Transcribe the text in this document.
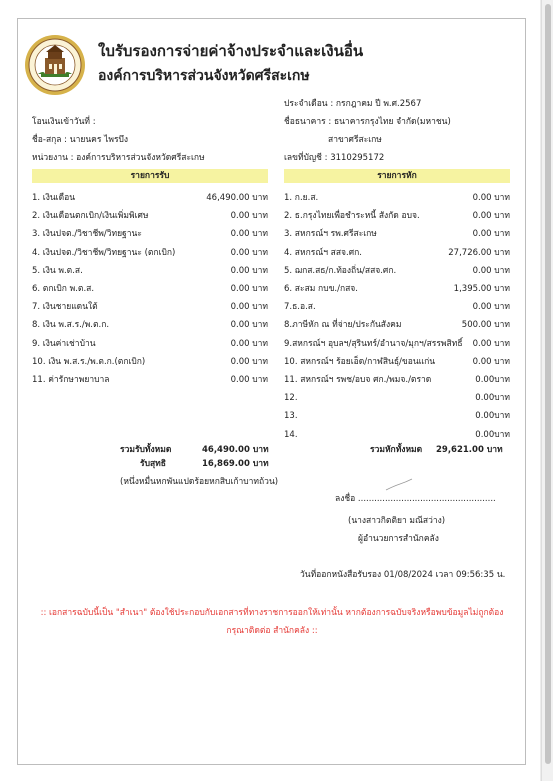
ใบรับรองการจ่ายค่าจ้างประจำและเงินอื่น
องค์การบริหารส่วนจังหวัดศรีสะเกษ
ประจำเดือน : กรกฎาคม ปี พ.ศ.2567
โอนเงินเข้าวันที่ :	ชื่อธนาคาร : ธนาคารกรุงไทย จำกัด(มหาชน)
ชื่อ-สกุล : นายนคร ไพรบึง	สาขาศรีสะเกษ
หน่วยงาน : องค์การบริหารส่วนจังหวัดศรีสะเกษ	เลขที่บัญชี : 3110295172
รายการรับ	รายการหัก
1. เงินเดือน	46,490.00 บาท
2. เงินเดือนตกเบิก/เงินเพิ่มพิเศษ	0.00 บาท
3. เงินปจต./วิชาชีพ/วิทยฐานะ	0.00 บาท
4. เงินปจต./วิชาชีพ/วิทยฐานะ (ตกเบิก)	0.00 บาท
5. เงิน พ.ต.ส.	0.00 บาท
6. ตกเบิก พ.ต.ส.	0.00 บาท
7. เงินชายแดนใต้	0.00 บาท
8. เงิน พ.ส.ร./พ.ต.ก.	0.00 บาท
9. เงินค่าเช่าบ้าน	0.00 บาท
10. เงิน พ.ส.ร./พ.ต.ก.(ตกเบิก)	0.00 บาท
11. ค่ารักษาพยาบาล	0.00 บาท
1. ก.ย.ส.	0.00 บาท
2. ธ.กรุงไทยเพื่อชำระหนี้ สังกัด อบจ.	0.00 บาท
3. สหกรณ์ฯ รพ.ศรีสะเกษ	0.00 บาท
4. สหกรณ์ฯ สสจ.ศก.	27,726.00 บาท
5. ฌกส.สธ/ก.ท้องถิ่น/สสจ.ศก.	0.00 บาท
6. สะสม กบข./กสจ.	1,395.00 บาท
7.ธ.อ.ส.	0.00 บาท
8.ภาษีหัก ณ ที่จ่าย/ประกันสังคม	500.00 บาท
9.สหกรณ์ฯ อุบลฯ/สุรินทร์/อำนาจ/มุกฯ/สรรพสิทธิ์ 0.00 บาท
10. สหกรณ์ฯ ร้อยเอ็ด/กาฬสินธุ์/ขอนแก่น	0.00 บาท
11. สหกรณ์ฯ รพช/อบจ ศก./พมจ./ตราด	0.00บาท
12.	0.00บาท
13.	0.00บาท
14.	0.00บาท
รวมรับทั้งหมด	46,490.00 บาท
รับสุทธิ	16,869.00 บาท
(หนึ่งหมื่นหกพันแปดร้อยหกสิบเก้าบาทถ้วน)
รวมหักทั้งหมด 29,621.00 บาท
ลงชื่อ ...................................................
(นางสาวกิตติยา มณีสว่าง)
ผู้อำนวยการสำนักคลัง
วันที่ออกหนังสือรับรอง 01/08/2024 เวลา 09:56:35 น.
:: เอกสารฉบับนี้เป็น "สำเนา" ต้องใช้ประกอบกับเอกสารที่ทางราชการออกให้เท่านั้น หากต้องการฉบับจริงหรือพบข้อมูลไม่ถูกต้อง
กรุณาติดต่อ สำนักคลัง ::
